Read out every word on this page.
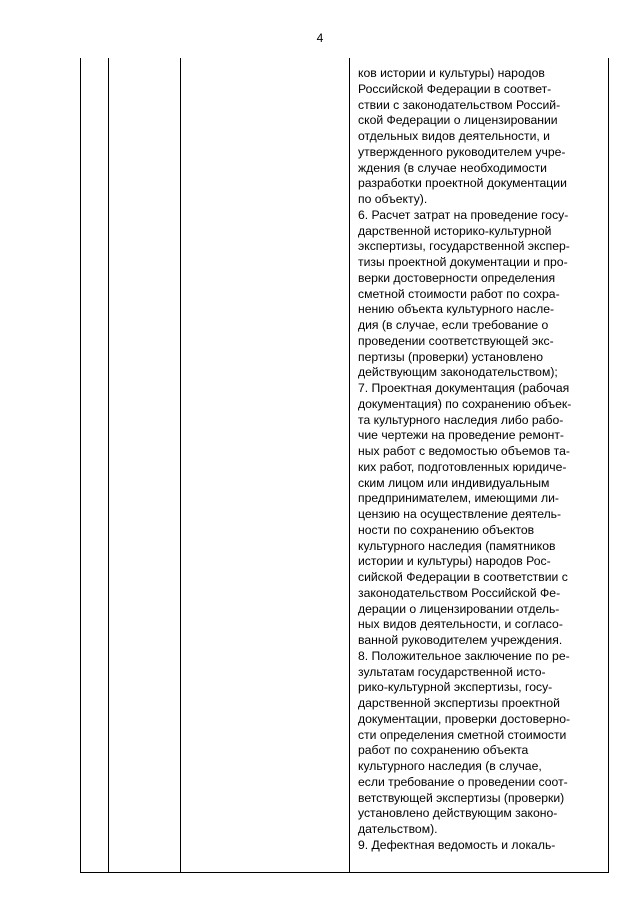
4
ков истории и культуры) народов
Российской Федерации в соответ-
ствии с законодательством Россий-
ской Федерации о лицензировании
отдельных видов деятельности, и
утвержденного руководителем учре-
ждения (в случае необходимости
разработки проектной документации
по объекту).
6. Расчет затрат на проведение госу-
дарственной историко-культурной
экспертизы, государственной экспер-
тизы проектной документации и про-
верки достоверности определения
сметной стоимости работ по сохра-
нению объекта культурного насле-
дия (в случае, если требование о
проведении соответствующей экс-
пертизы (проверки) установлено
действующим законодательством);
7. Проектная документация (рабочая
документация) по сохранению объек-
та культурного наследия либо рабо-
чие чертежи на проведение ремонт-
ных работ с ведомостью объемов та-
ких работ, подготовленных юридиче-
ским лицом или индивидуальным
предпринимателем, имеющими ли-
цензию на осуществление деятель-
ности по сохранению объектов
культурного наследия (памятников
истории и культуры) народов Рос-
сийской Федерации в соответствии с
законодательством Российской Фе-
дерации о лицензировании отдель-
ных видов деятельности, и согласо-
ванной руководителем учреждения.
8. Положительное заключение по ре-
зультатам государственной исто-
рико-культурной экспертизы, госу-
дарственной экспертизы проектной
документации, проверки достоверно-
сти определения сметной стоимости
работ по сохранению объекта
культурного наследия (в случае,
если требование о проведении соот-
ветствующей экспертизы (проверки)
установлено действующим законо-
дательством).
9. Дефектная ведомость и локаль-
